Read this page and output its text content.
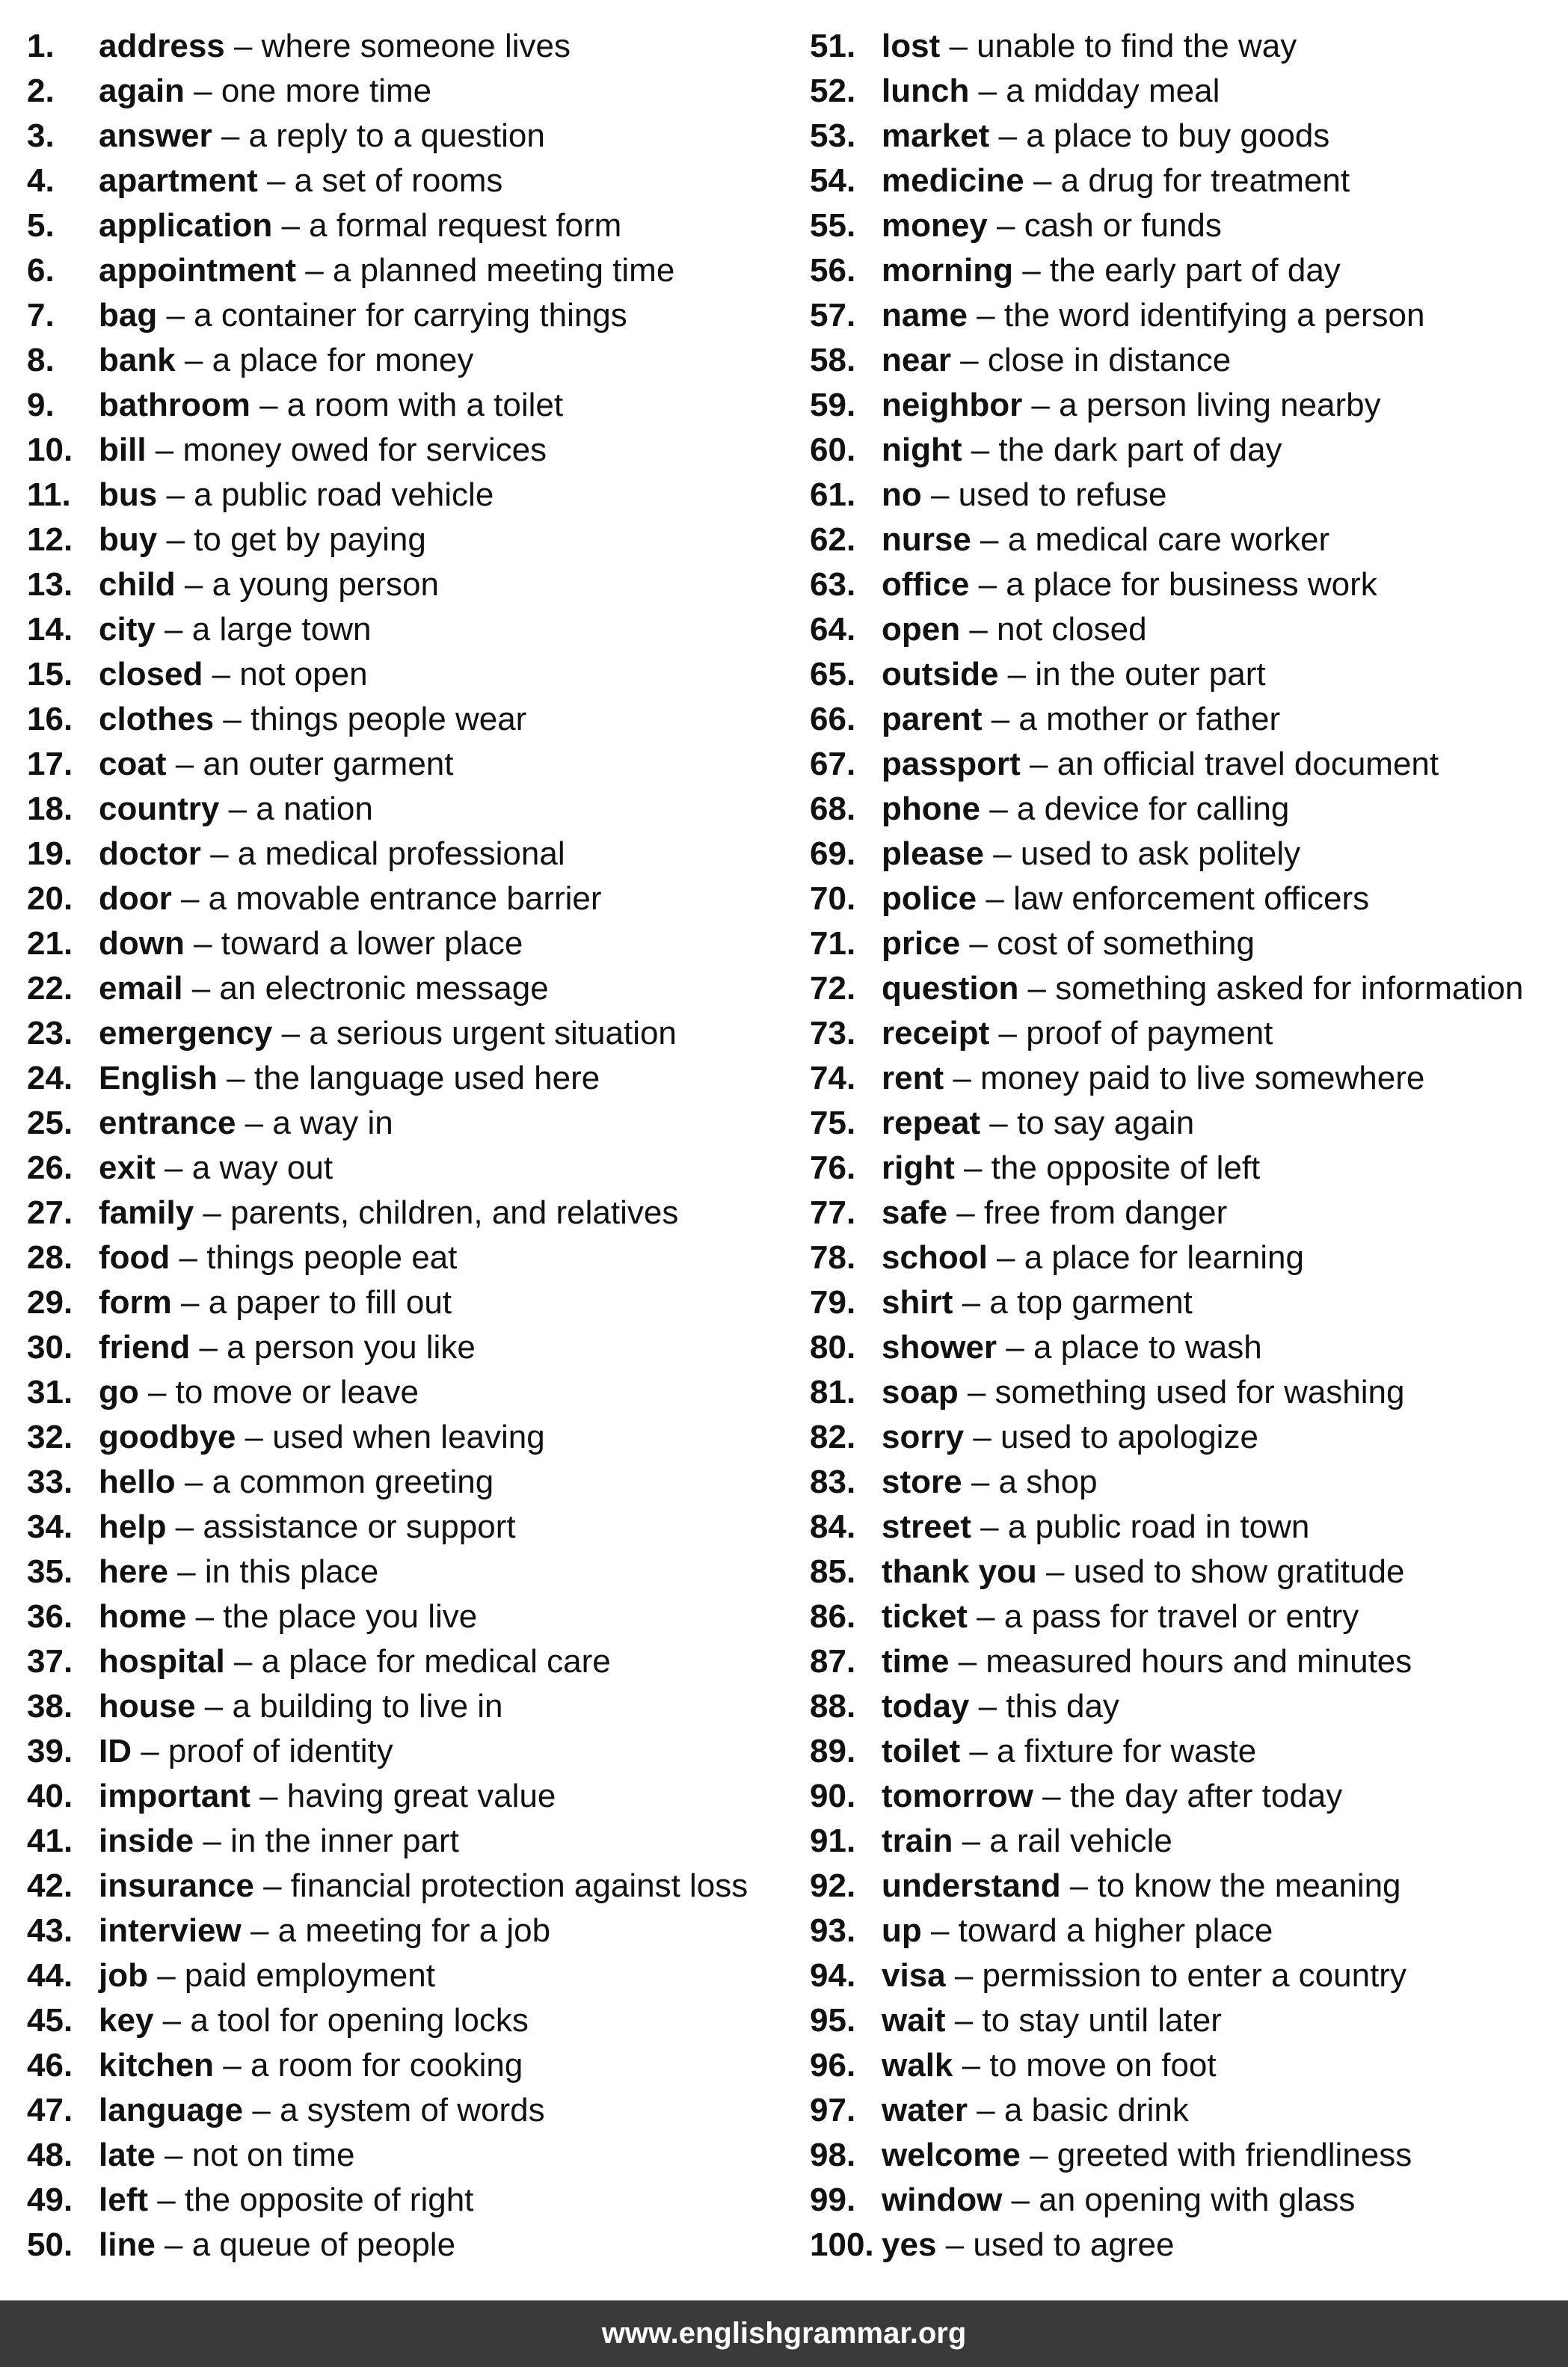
1. address – where someone lives
2. again – one more time
3. answer – a reply to a question
4. apartment – a set of rooms
5. application – a formal request form
6. appointment – a planned meeting time
7. bag – a container for carrying things
8. bank – a place for money
9. bathroom – a room with a toilet
10. bill – money owed for services
11. bus – a public road vehicle
12. buy – to get by paying
13. child – a young person
14. city – a large town
15. closed – not open
16. clothes – things people wear
17. coat – an outer garment
18. country – a nation
19. doctor – a medical professional
20. door – a movable entrance barrier
21. down – toward a lower place
22. email – an electronic message
23. emergency – a serious urgent situation
24. English – the language used here
25. entrance – a way in
26. exit – a way out
27. family – parents, children, and relatives
28. food – things people eat
29. form – a paper to fill out
30. friend – a person you like
31. go – to move or leave
32. goodbye – used when leaving
33. hello – a common greeting
34. help – assistance or support
35. here – in this place
36. home – the place you live
37. hospital – a place for medical care
38. house – a building to live in
39. ID – proof of identity
40. important – having great value
41. inside – in the inner part
42. insurance – financial protection against loss
43. interview – a meeting for a job
44. job – paid employment
45. key – a tool for opening locks
46. kitchen – a room for cooking
47. language – a system of words
48. late – not on time
49. left – the opposite of right
50. line – a queue of people
51. lost – unable to find the way
52. lunch – a midday meal
53. market – a place to buy goods
54. medicine – a drug for treatment
55. money – cash or funds
56. morning – the early part of day
57. name – the word identifying a person
58. near – close in distance
59. neighbor – a person living nearby
60. night – the dark part of day
61. no – used to refuse
62. nurse – a medical care worker
63. office – a place for business work
64. open – not closed
65. outside – in the outer part
66. parent – a mother or father
67. passport – an official travel document
68. phone – a device for calling
69. please – used to ask politely
70. police – law enforcement officers
71. price – cost of something
72. question – something asked for information
73. receipt – proof of payment
74. rent – money paid to live somewhere
75. repeat – to say again
76. right – the opposite of left
77. safe – free from danger
78. school – a place for learning
79. shirt – a top garment
80. shower – a place to wash
81. soap – something used for washing
82. sorry – used to apologize
83. store – a shop
84. street – a public road in town
85. thank you – used to show gratitude
86. ticket – a pass for travel or entry
87. time – measured hours and minutes
88. today – this day
89. toilet – a fixture for waste
90. tomorrow – the day after today
91. train – a rail vehicle
92. understand – to know the meaning
93. up – toward a higher place
94. visa – permission to enter a country
95. wait – to stay until later
96. walk – to move on foot
97. water – a basic drink
98. welcome – greeted with friendliness
99. window – an opening with glass
100. yes – used to agree
www.englishgrammar.org
